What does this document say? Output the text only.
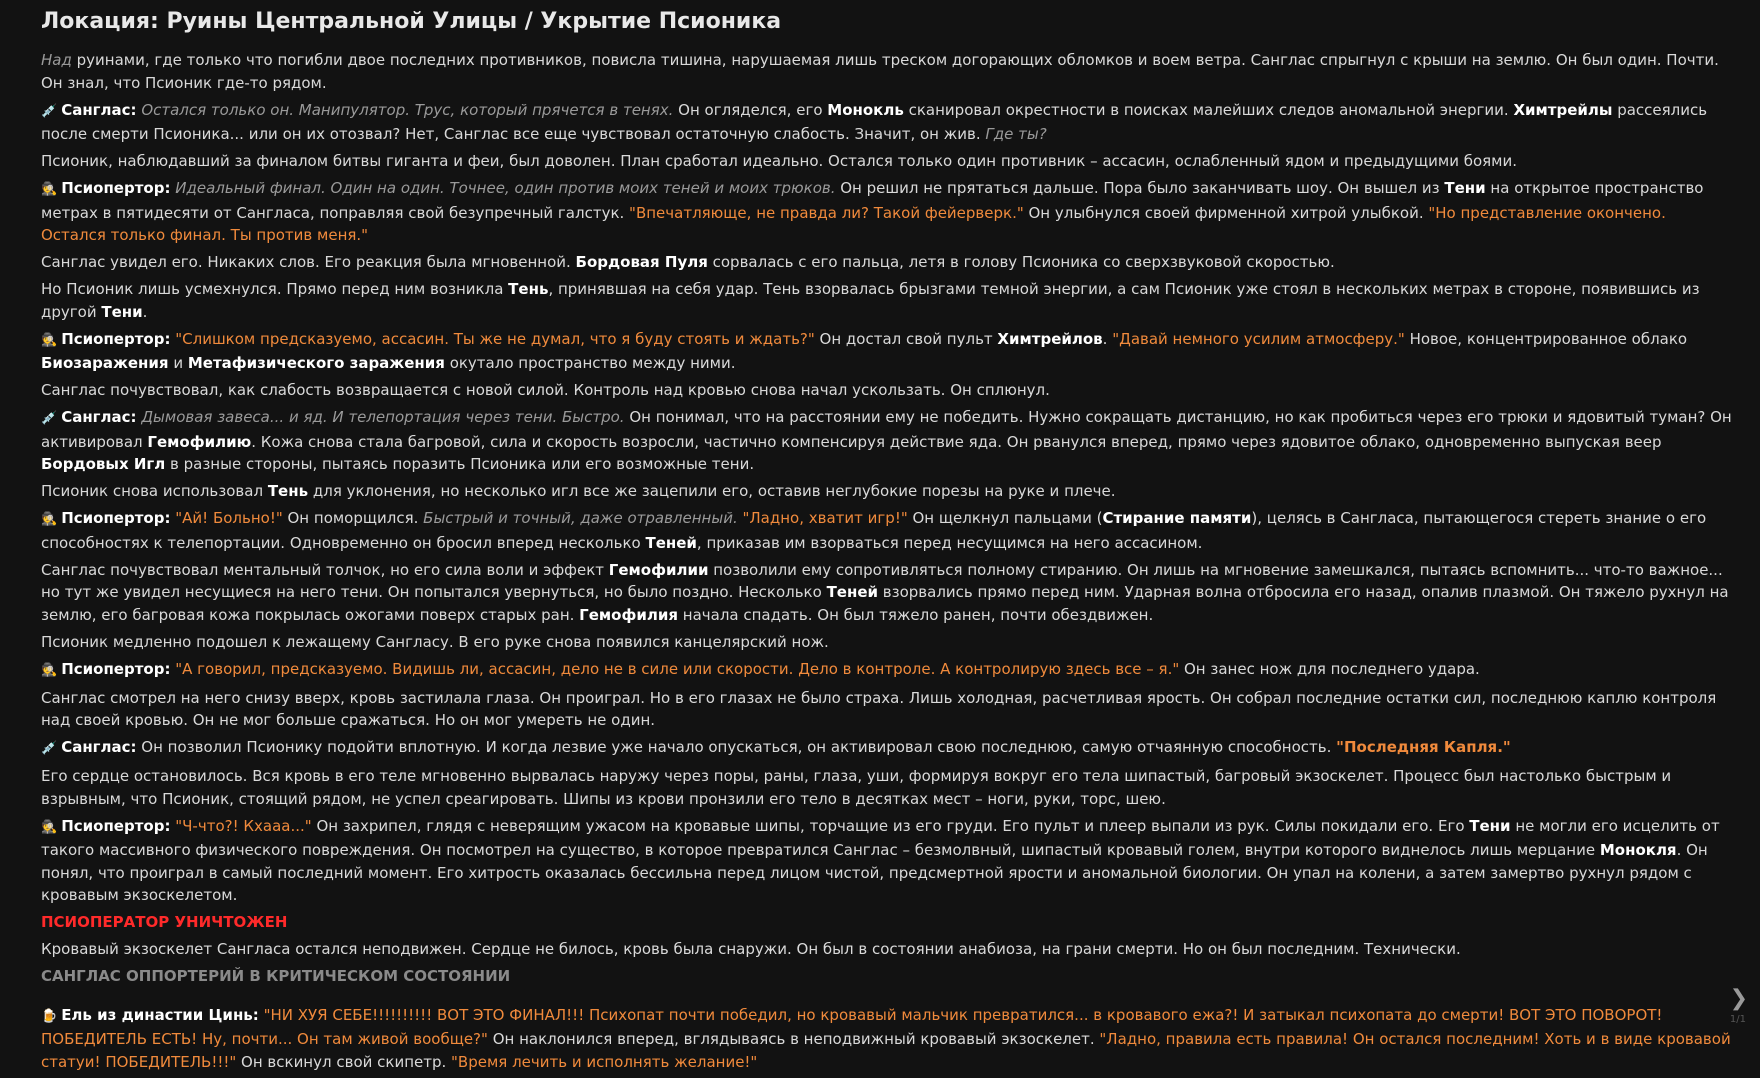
Локация: Руины Центральной Улицы / Укрытие Псионика

Над руинами, где только что погибли двое последних противников, повисла тишина, нарушаемая лишь треском догорающих обломков и воем ветра. Санглас спрыгнул с крыши на землю. Он был один. Почти. Он знал, что Псионик где-то рядом.

💉 Санглас: Остался только он. Манипулятор. Трус, который прячется в тенях. Он огляделся, его Монокль сканировал окрестности в поисках малейших следов аномальной энергии. Химтрейлы рассеялись после смерти Псионика... или он их отозвал? Нет, Санглас все еще чувствовал остаточную слабость. Значит, он жив. Где ты?

Псионик, наблюдавший за финалом битвы гиганта и феи, был доволен. План сработал идеально. Остался только один противник – ассасин, ослабленный ядом и предыдущими боями.

🕵 Псиопертор: Идеальный финал. Один на один. Точнее, один против моих теней и моих трюков. Он решил не прятаться дальше. Пора было заканчивать шоу. Он вышел из Тени на открытое пространство метрах в пятидесяти от Сангласа, поправляя свой безупречный галстук. "Впечатляюще, не правда ли? Такой фейерверк." Он улыбнулся своей фирменной хитрой улыбкой. "Но представление окончено. Остался только финал. Ты против меня."

Санглас увидел его. Никаких слов. Его реакция была мгновенной. Бордовая Пуля сорвалась с его пальца, летя в голову Псионика со сверхзвуковой скоростью.

Но Псионик лишь усмехнулся. Прямо перед ним возникла Тень, принявшая на себя удар. Тень взорвалась брызгами темной энергии, а сам Псионик уже стоял в нескольких метрах в стороне, появившись из другой Тени.

🕵 Псиопертор: "Слишком предсказуемо, ассасин. Ты же не думал, что я буду стоять и ждать?" Он достал свой пульт Химтрейлов. "Давай немного усилим атмосферу." Новое, концентрированное облако Биозаражения и Метафизического заражения окутало пространство между ними.

Санглас почувствовал, как слабость возвращается с новой силой. Контроль над кровью снова начал ускользать. Он сплюнул.

💉 Санглас: Дымовая завеса... и яд. И телепортация через тени. Быстро. Он понимал, что на расстоянии ему не победить. Нужно сокращать дистанцию, но как пробиться через его трюки и ядовитый туман? Он активировал Гемофилию. Кожа снова стала багровой, сила и скорость возросли, частично компенсируя действие яда. Он рванулся вперед, прямо через ядовитое облако, одновременно выпуская веер Бордовых Игл в разные стороны, пытаясь поразить Псионика или его возможные тени.

Псионик снова использовал Тень для уклонения, но несколько игл все же зацепили его, оставив неглубокие порезы на руке и плече.

🕵 Псиопертор: "Ай! Больно!" Он поморщился. Быстрый и точный, даже отравленный. "Ладно, хватит игр!" Он щелкнул пальцами (Стирание памяти), целясь в Сангласа, пытающегося стереть знание о его способностях к телепортации. Одновременно он бросил вперед несколько Теней, приказав им взорваться перед несущимся на него ассасином.

Санглас почувствовал ментальный толчок, но его сила воли и эффект Гемофилии позволили ему сопротивляться полному стиранию. Он лишь на мгновение замешкался, пытаясь вспомнить... что-то важное... но тут же увидел несущиеся на него тени. Он попытался увернуться, но было поздно. Несколько Теней взорвались прямо перед ним. Ударная волна отбросила его назад, опалив плазмой. Он тяжело рухнул на землю, его багровая кожа покрылась ожогами поверх старых ран. Гемофилия начала спадать. Он был тяжело ранен, почти обездвижен.

Псионик медленно подошел к лежащему Сангласу. В его руке снова появился канцелярский нож.

🕵 Псиопертор: "А говорил, предсказуемо. Видишь ли, ассасин, дело не в силе или скорости. Дело в контроле. А контролирую здесь все – я." Он занес нож для последнего удара.

Санглас смотрел на него снизу вверх, кровь застилала глаза. Он проиграл. Но в его глазах не было страха. Лишь холодная, расчетливая ярость. Он собрал последние остатки сил, последнюю каплю контроля над своей кровью. Он не мог больше сражаться. Но он мог умереть не один.

💉 Санглас: Он позволил Псионику подойти вплотную. И когда лезвие уже начало опускаться, он активировал свою последнюю, самую отчаянную способность. "Последняя Капля."

Его сердце остановилось. Вся кровь в его теле мгновенно вырвалась наружу через поры, раны, глаза, уши, формируя вокруг его тела шипастый, багровый экзоскелет. Процесс был настолько быстрым и взрывным, что Псионик, стоящий рядом, не успел среагировать. Шипы из крови пронзили его тело в десятках мест – ноги, руки, торс, шею.

🕵 Псиопертор: "Ч-что?! Кхааа..." Он захрипел, глядя с неверящим ужасом на кровавые шипы, торчащие из его груди. Его пульт и плеер выпали из рук. Силы покидали его. Его Тени не могли его исцелить от такого массивного физического повреждения. Он посмотрел на существо, в которое превратился Санглас – безмолвный, шипастый кровавый голем, внутри которого виднелось лишь мерцание Монокля. Он понял, что проиграл в самый последний момент. Его хитрость оказалась бессильна перед лицом чистой, предсмертной ярости и аномальной биологии. Он упал на колени, а затем замертво рухнул рядом с кровавым экзоскелетом.

ПСИОПЕРАТОР УНИЧТОЖЕН

Кровавый экзоскелет Сангласа остался неподвижен. Сердце не билось, кровь была снаружи. Он был в состоянии анабиоза, на грани смерти. Но он был последним. Технически.

САНГЛАС ОППОРТЕРИЙ В КРИТИЧЕСКОМ СОСТОЯНИИ

🍺 Ель из династии Цинь: "НИ ХУЯ СЕБЕ!!!!!!!!!! ВОТ ЭТО ФИНАЛ!!! Психопат почти победил, но кровавый мальчик превратился... в кровавого ежа?! И затыкал психопата до смерти! ВОТ ЭТО ПОВОРОТ! ПОБЕДИТЕЛЬ ЕСТЬ! Ну, почти... Он там живой вообще?" Он наклонился вперед, вглядываясь в неподвижный кровавый экзоскелет. "Ладно, правила есть правила! Он остался последним! Хоть и в виде кровавой статуи! ПОБЕДИТЕЛЬ!!!" Он вскинул свой скипетр. "Время лечить и исполнять желание!"

❯
1/1
